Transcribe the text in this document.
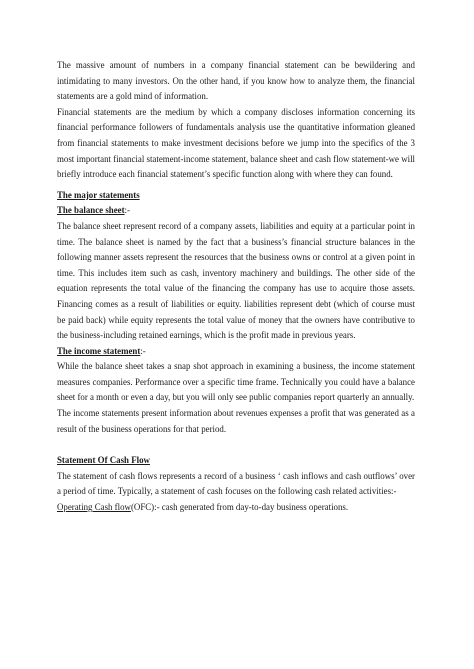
The massive amount of numbers in a company financial statement can be bewildering and intimidating to many investors. On the other hand, if you know how to analyze them, the financial statements are a gold mind of information.

Financial statements are the medium by which a company discloses information concerning its financial performance followers of fundamentals analysis use the quantitative information gleaned from financial statements to make investment decisions before we jump into the specifics of the 3 most important financial statement-income statement, balance sheet and cash flow statement-we will briefly introduce each financial statement’s specific function along with where they can found.

The major statements

The balance sheet:-

The balance sheet represent record of a company assets, liabilities and equity at a particular point in time. The balance sheet is named by the fact that a business’s financial structure balances in the following manner assets represent the resources that the business owns or control at a given point in time. This includes item such as cash, inventory machinery and buildings. The other side of the equation represents the total value of the financing the company has use to acquire those assets. Financing comes as a result of liabilities or equity. liabilities represent debt (which of course must be paid back) while equity represents the total value of money that the owners have contributive to the business-including retained earnings, which is the profit made in previous years.

The income statement:-

While the balance sheet takes a snap shot approach in examining a business, the income statement measures companies. Performance over a specific time frame. Technically you could have a balance sheet for a month or even a day, but you will only see public companies report quarterly an annually.

The income statements present information about revenues expenses a profit that was generated as a result of the business operations for that period.

Statement Of Cash Flow

The statement of cash flows represents a record of a business ‘ cash inflows and cash outflows’ over a period of time. Typically, a statement of cash focuses on the following cash related activities:-

Operating Cash flow(OFC):- cash generated from day-to-day business operations.
